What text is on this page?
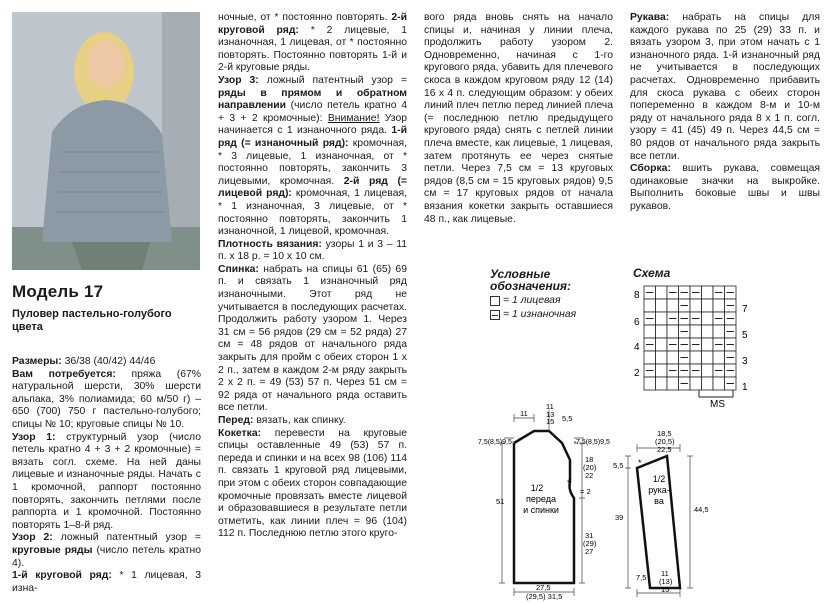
Модель 17
Пуловер пастельно-голубого цвета

Размеры: 36/38 (40/42) 44/46

Вам потребуется: пряжа (67% натуральной шерсти, 30% шерсти альпака, 3% полиамида; 60 м/50 г) – 650 (700) 750 г пастельно-голубого; спицы № 10; круговые спицы № 10.

Узор 1: структурный узор (число петель кратно 4 + 3 + 2 кромочные) = вязать согл. схеме. На ней даны лицевые и изнаночные ряды. Начать с 1 кромочной, раппорт постоянно повторять, закончить петлями после раппорта и 1 кромочной. Постоянно повторять 1–8-й ряд.

Узор 2: ложный патентный узор = круговые ряды (число петель кратно 4).

1-й круговой ряд: * 1 лицевая, 3 изна-

ночные, от * постоянно повторять. 2-й круговой ряд: * 2 лицевые, 1 изнаночная, 1 лицевая, от * постоянно повторять. Постоянно повторять 1-й и 2-й круговые ряды.

Узор 3: ложный патентный узор = ряды в прямом и обратном направлении (число петель кратно 4 + 3 + 2 кромочные): Внимание! Узор начинается с 1 изнаночного ряда. 1-й ряд (= изнаночный ряд): кромочная, * 3 лицевые, 1 изнаночная, от * постоянно повторять, закончить 3 лицевыми, кромочная. 2-й ряд (= лицевой ряд): кромочная, 1 лицевая, * 1 изнаночная, 3 лицевые, от * постоянно повторять, закончить 1 изнаночной, 1 лицевой, кромочная.

Плотность вязания: узоры 1 и 3 – 11 п. x 18 р. = 10 x 10 см.

Спинка: набрать на спицы 61 (65) 69 п. и связать 1 изнаночный ряд изнаночными. Этот ряд не учитывается в последующих расчетах. Продолжить работу узором 1. Через 31 см = 56 рядов (29 см = 52 ряда) 27 см = 48 рядов от начального ряда закрыть для пройм с обеих сторон 1 x 2 п., затем в каждом 2-м ряду закрыть 2 x 2 п. = 49 (53) 57 п. Через 51 см = 92 ряда от начального ряда оставить все петли.

Перед: вязать, как спинку.

Кокетка: перевести на круговые спицы оставленные 49 (53) 57 п. переда и спинки и на всех 98 (106) 114 п. связать 1 круговой ряд лицевыми, при этом с обеих сторон совпадающие кромочные провязать вместе лицевой и образовавшиеся в результате петли отметить, как линии плеч = 96 (104) 112 п. Последнюю петлю этого круго-

вого ряда вновь снять на начало спицы и, начиная у линии плеча, продолжить работу узором 2. Одновременно, начиная с 1-го кругового ряда, убавить для плечевого скоса в каждом круговом ряду 12 (14) 16 x 4 п. следующим образом: у обеих линий плеч петлю перед линией плеча (= последнюю петлю предыдущего кругового ряда) снять с петлей линии плеча вместе, как лицевые, 1 лицевая, затем протянуть ее через снятые петли. Через 7,5 см = 13 круговых рядов (8,5 см = 15 круговых рядов) 9,5 см = 17 круговых рядов от начала вязания кокетки закрыть оставшиеся 48 п., как лицевые.

Рукава: набрать на спицы для каждого рукава по 25 (29) 33 п. и вязать узором 3, при этом начать с 1 изнаночного ряда. 1-й изнаночный ряд не учитывается в последующих расчетах. Одновременно прибавить для скоса рукава с обеих сторон попеременно в каждом 8-м и 10-м ряду от начального ряда 8 x 1 п. согл. узору = 41 (45) 49 п. Через 44,5 см = 80 рядов от начального ряда закрыть все петли.

Сборка: вшить рукава, совмещая одинаковые значки на выкройке. Выполнить боковые швы и швы рукавов.

Условные
обозначения:
= 1 лицевая
= 1 изнаночная
Схема
8
6
4
2
7
5
3
1
MS
11
11
13
15 5,5
7,5(8,5)9,5	7,5(8,5)9,5
51
18
(20)
22
= 2
31
(29)
27
27,5
(29,5) 31,5
*
1/2
переда
и спинки
18,5
(20,5)
22,5
5,5
39
44,5
7,5 11
(13)
15
*
1/2
рука-
ва
